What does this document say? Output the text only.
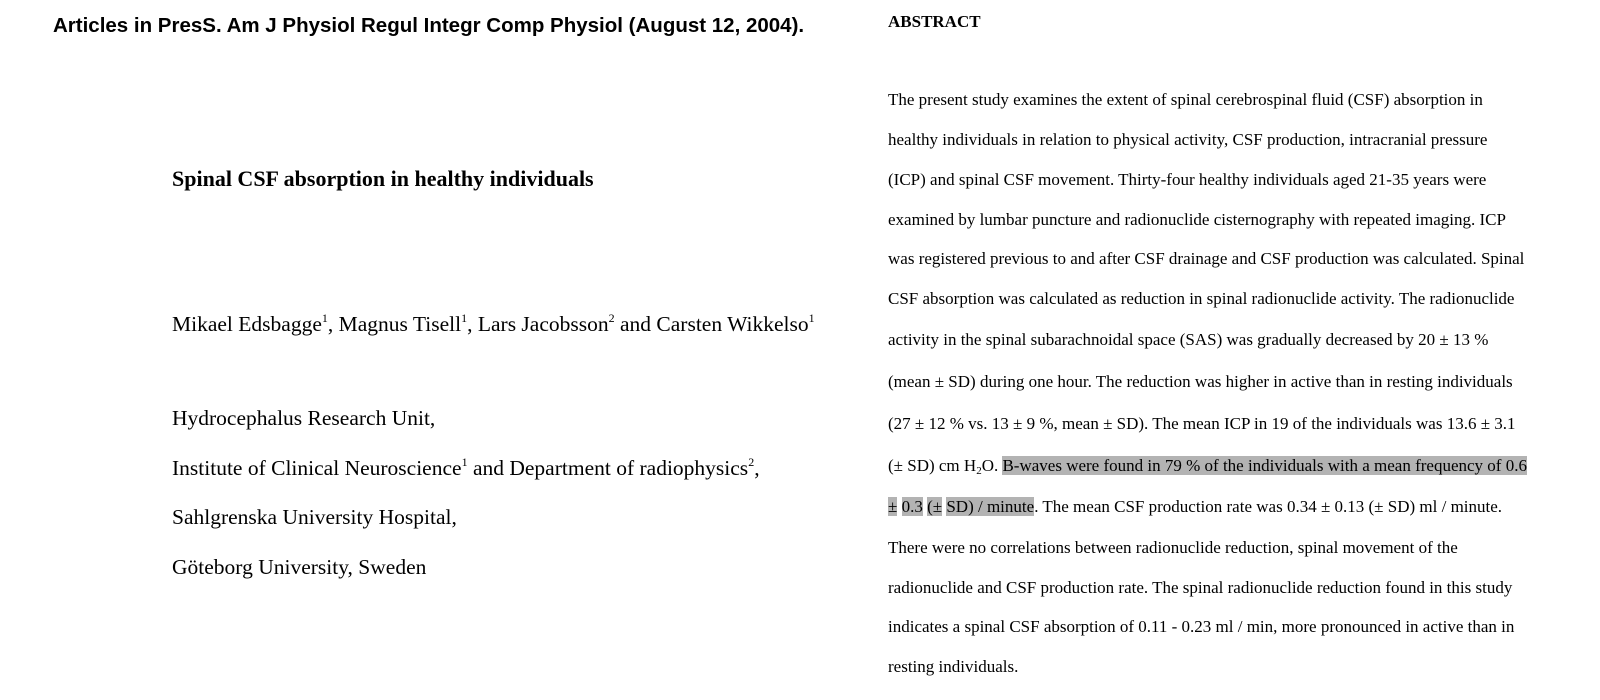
Articles in PresS. Am J Physiol Regul Integr Comp Physiol (August 12, 2004).
Spinal CSF absorption in healthy individuals
Mikael Edsbagge$^1$, Magnus Tisell$^1$, Lars Jacobsson$^2$ and Carsten Wikkelso$^1$
Hydrocephalus Research Unit,
Institute of Clinical Neuroscience$^1$ and Department of radiophysics$^2$,
Sahlgrenska University Hospital,
Göteborg University, Sweden
ABSTRACT
The present study examines the extent of spinal cerebrospinal fluid (CSF) absorption in
healthy individuals in relation to physical activity, CSF production, intracranial pressure
(ICP) and spinal CSF movement. Thirty-four healthy individuals aged 21-35 years were
examined by lumbar puncture and radionuclide cisternography with repeated imaging. ICP
was registered previous to and after CSF drainage and CSF production was calculated. Spinal
CSF absorption was calculated as reduction in spinal radionuclide activity. The radionuclide
activity in the spinal subarachnoidal space (SAS) was gradually decreased by 20 ± 13 %
(mean ± SD) during one hour. The reduction was higher in active than in resting individuals
(27 ± 12 % vs. 13 ± 9 %, mean ± SD). The mean ICP in 19 of the individuals was 13.6 ± 3.1
(± SD) cm $H_2O$. B-waves were found in 79 % of the individuals with a mean frequency of 0.6
± 0.3 (± SD) / minute. The mean CSF production rate was 0.34 ± 0.13 (± SD) ml / minute.
There were no correlations between radionuclide reduction, spinal movement of the
radionuclide and CSF production rate. The spinal radionuclide reduction found in this study
indicates a spinal CSF absorption of 0.11 - 0.23 ml / min, more pronounced in active than in
resting individuals.
